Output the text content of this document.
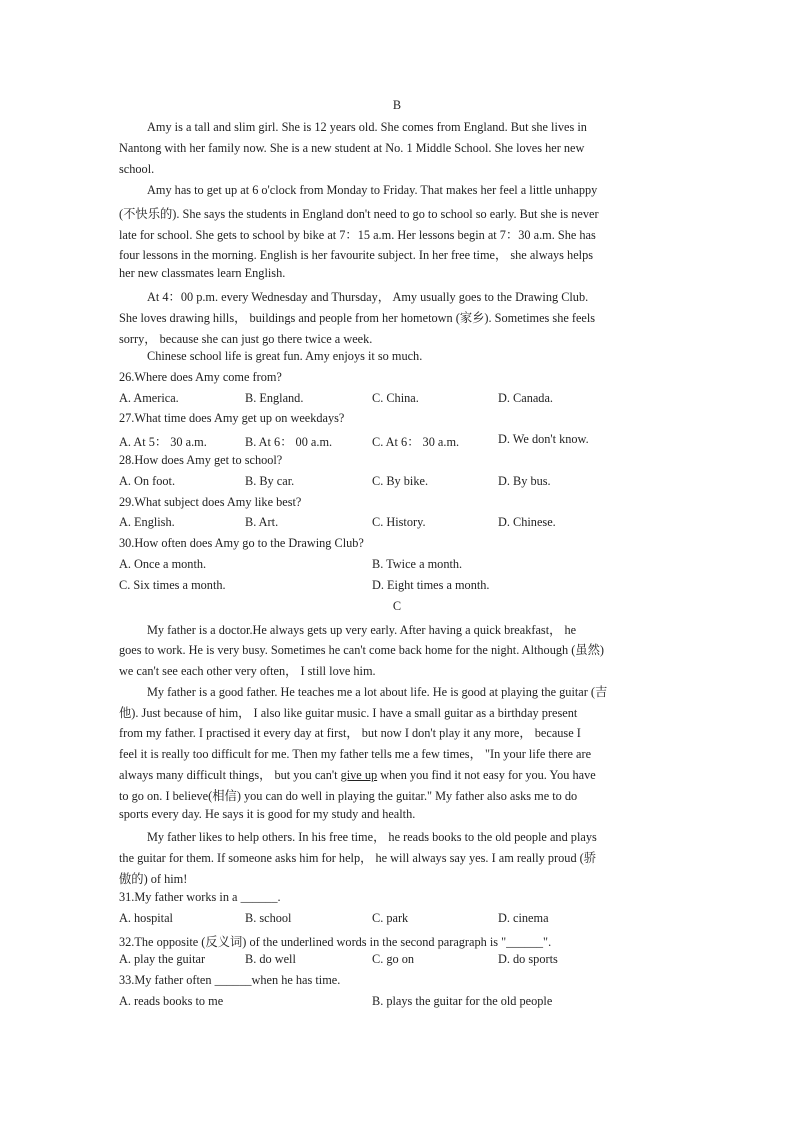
B
Amy is a tall and slim girl. She is 12 years old. She comes from England. But she lives in
Nantong with her family now. She is a new student at No. 1 Middle School. She loves her new
school.
Amy has to get up at 6 o'clock from Monday to Friday. That makes her feel a little unhappy
(不快乐的). She says the students in England don't need to go to school so early. But she is never
late for school. She gets to school by bike at 7：15 a.m. Her lessons begin at 7：30 a.m. She has
four lessons in the morning. English is her favourite subject. In her free time， she always helps
her new classmates learn English.
At 4：00 p.m. every Wednesday and Thursday， Amy usually goes to the Drawing Club.
She loves drawing hills， buildings and people from her hometown (家乡). Sometimes she feels
sorry， because she can just go there twice a week.
Chinese school life is great fun. Amy enjoys it so much.
26.Where does Amy come from?
A. America.	B. England.	C. China.	D. Canada.
27.What time does Amy get up on weekdays?
A. At 5： 30 a.m.	B. At 6： 00 a.m.	C. At 6： 30 a.m.	D. We don't know.
28.How does Amy get to school?
A. On foot.	B. By car.	C. By bike.	D. By bus.
29.What subject does Amy like best?
A. English.	B. Art.	C. History.	D. Chinese.
30.How often does Amy go to the Drawing Club?
A. Once a month.	B. Twice a month.
C. Six times a month.	D. Eight times a month.
C
My father is a doctor.He always gets up very early. After having a quick breakfast， he
goes to work. He is very busy. Sometimes he can't come back home for the night. Although (虽然)
we can't see each other very often， I still love him.
My father is a good father. He teaches me a lot about life. He is good at playing the guitar (吉
他). Just because of him， I also like guitar music. I have a small guitar as a birthday present
from my father. I practised it every day at first， but now I don't play it any more， because I
feel it is really too difficult for me. Then my father tells me a few times， "In your life there are
always many difficult things， but you can't give up when you find it not easy for you. You have
to go on. I believe(相信) you can do well in playing the guitar." My father also asks me to do
sports every day. He says it is good for my study and health.
My father likes to help others. In his free time， he reads books to the old people and plays
the guitar for them. If someone asks him for help， he will always say yes. I am really proud (骄
傲的) of him!
31.My father works in a ______.
A. hospital	B. school	C. park	D. cinema
32.The opposite (反义词) of the underlined words in the second paragraph is "______".
A. play the guitar	B. do well	C. go on	D. do sports
33.My father often ______when he has time.
A. reads books to me	B. plays the guitar for the old people
